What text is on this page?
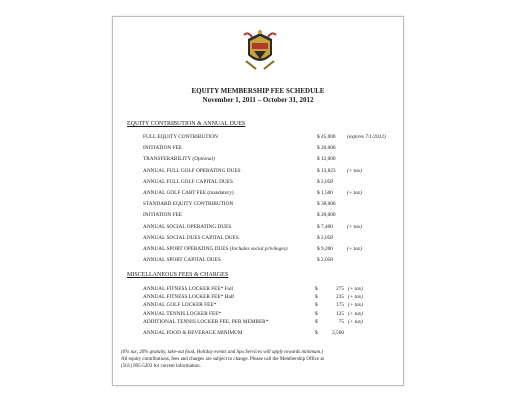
EQUITY MEMBERSHIP FEE SCHEDULE
November 1, 2011 – October 31, 2012
EQUITY CONTRIBUTION & ANNUAL DUES
FULL EQUITY CONTRIBUTION	$ 45,000 (expires 7/1/2012)
INITIATION FEE	$ 20,000
TRANSFERABILITY (Optional)	$ 12,000
ANNUAL FULL GOLF OPERATING DUES	$ 13,823 (+ tax)
ANNUAL FULL GOLF CAPITAL DUES	$ 2,058
ANNUAL GOLF CART FEE (mandatory)	$ 1,500	(+ tax)
STANDARD EQUITY CONTRIBUTION	$ 38,000
INITIATION FEE	$ 20,000
ANNUAL SOCIAL OPERATING DUES	$ 7,400	(+ tax)
ANNUAL SOCIAL DUES CAPITAL DUES	$ 2,058
ANNUAL SPORT OPERATING DUES (Includes social privileges)	$ 9,200	(+ tax)
ANNUAL SPORT CAPITAL DUES	$ 2,058
MISCELLANEOUS FEES & CHARGES
ANNUAL FITNESS LOCKER FEE* Full	$	275 (+ tax)
ANNUAL FITNESS LOCKER FEE* Half	$	235 (+ tax)
ANNUAL GOLF LOCKER FEE*	$	175 (+ tax)
ANNUAL TENNIS LOCKER FEE*	$	125 (+ tax)
ADDITIONAL TENNIS LOCKER FEE, PER MEMBER*	$	75 (+ tax)
ANNUAL FOOD & BEVERAGE MINIMUM	$	2,500
(6% tax, 20% gratuity, take-out food, Holiday events and Spa Services will apply towards minimum.)
All equity contributions, fees and charges are subject to change. Please call the Membership Office at
(561) 995-5203 for current information.
